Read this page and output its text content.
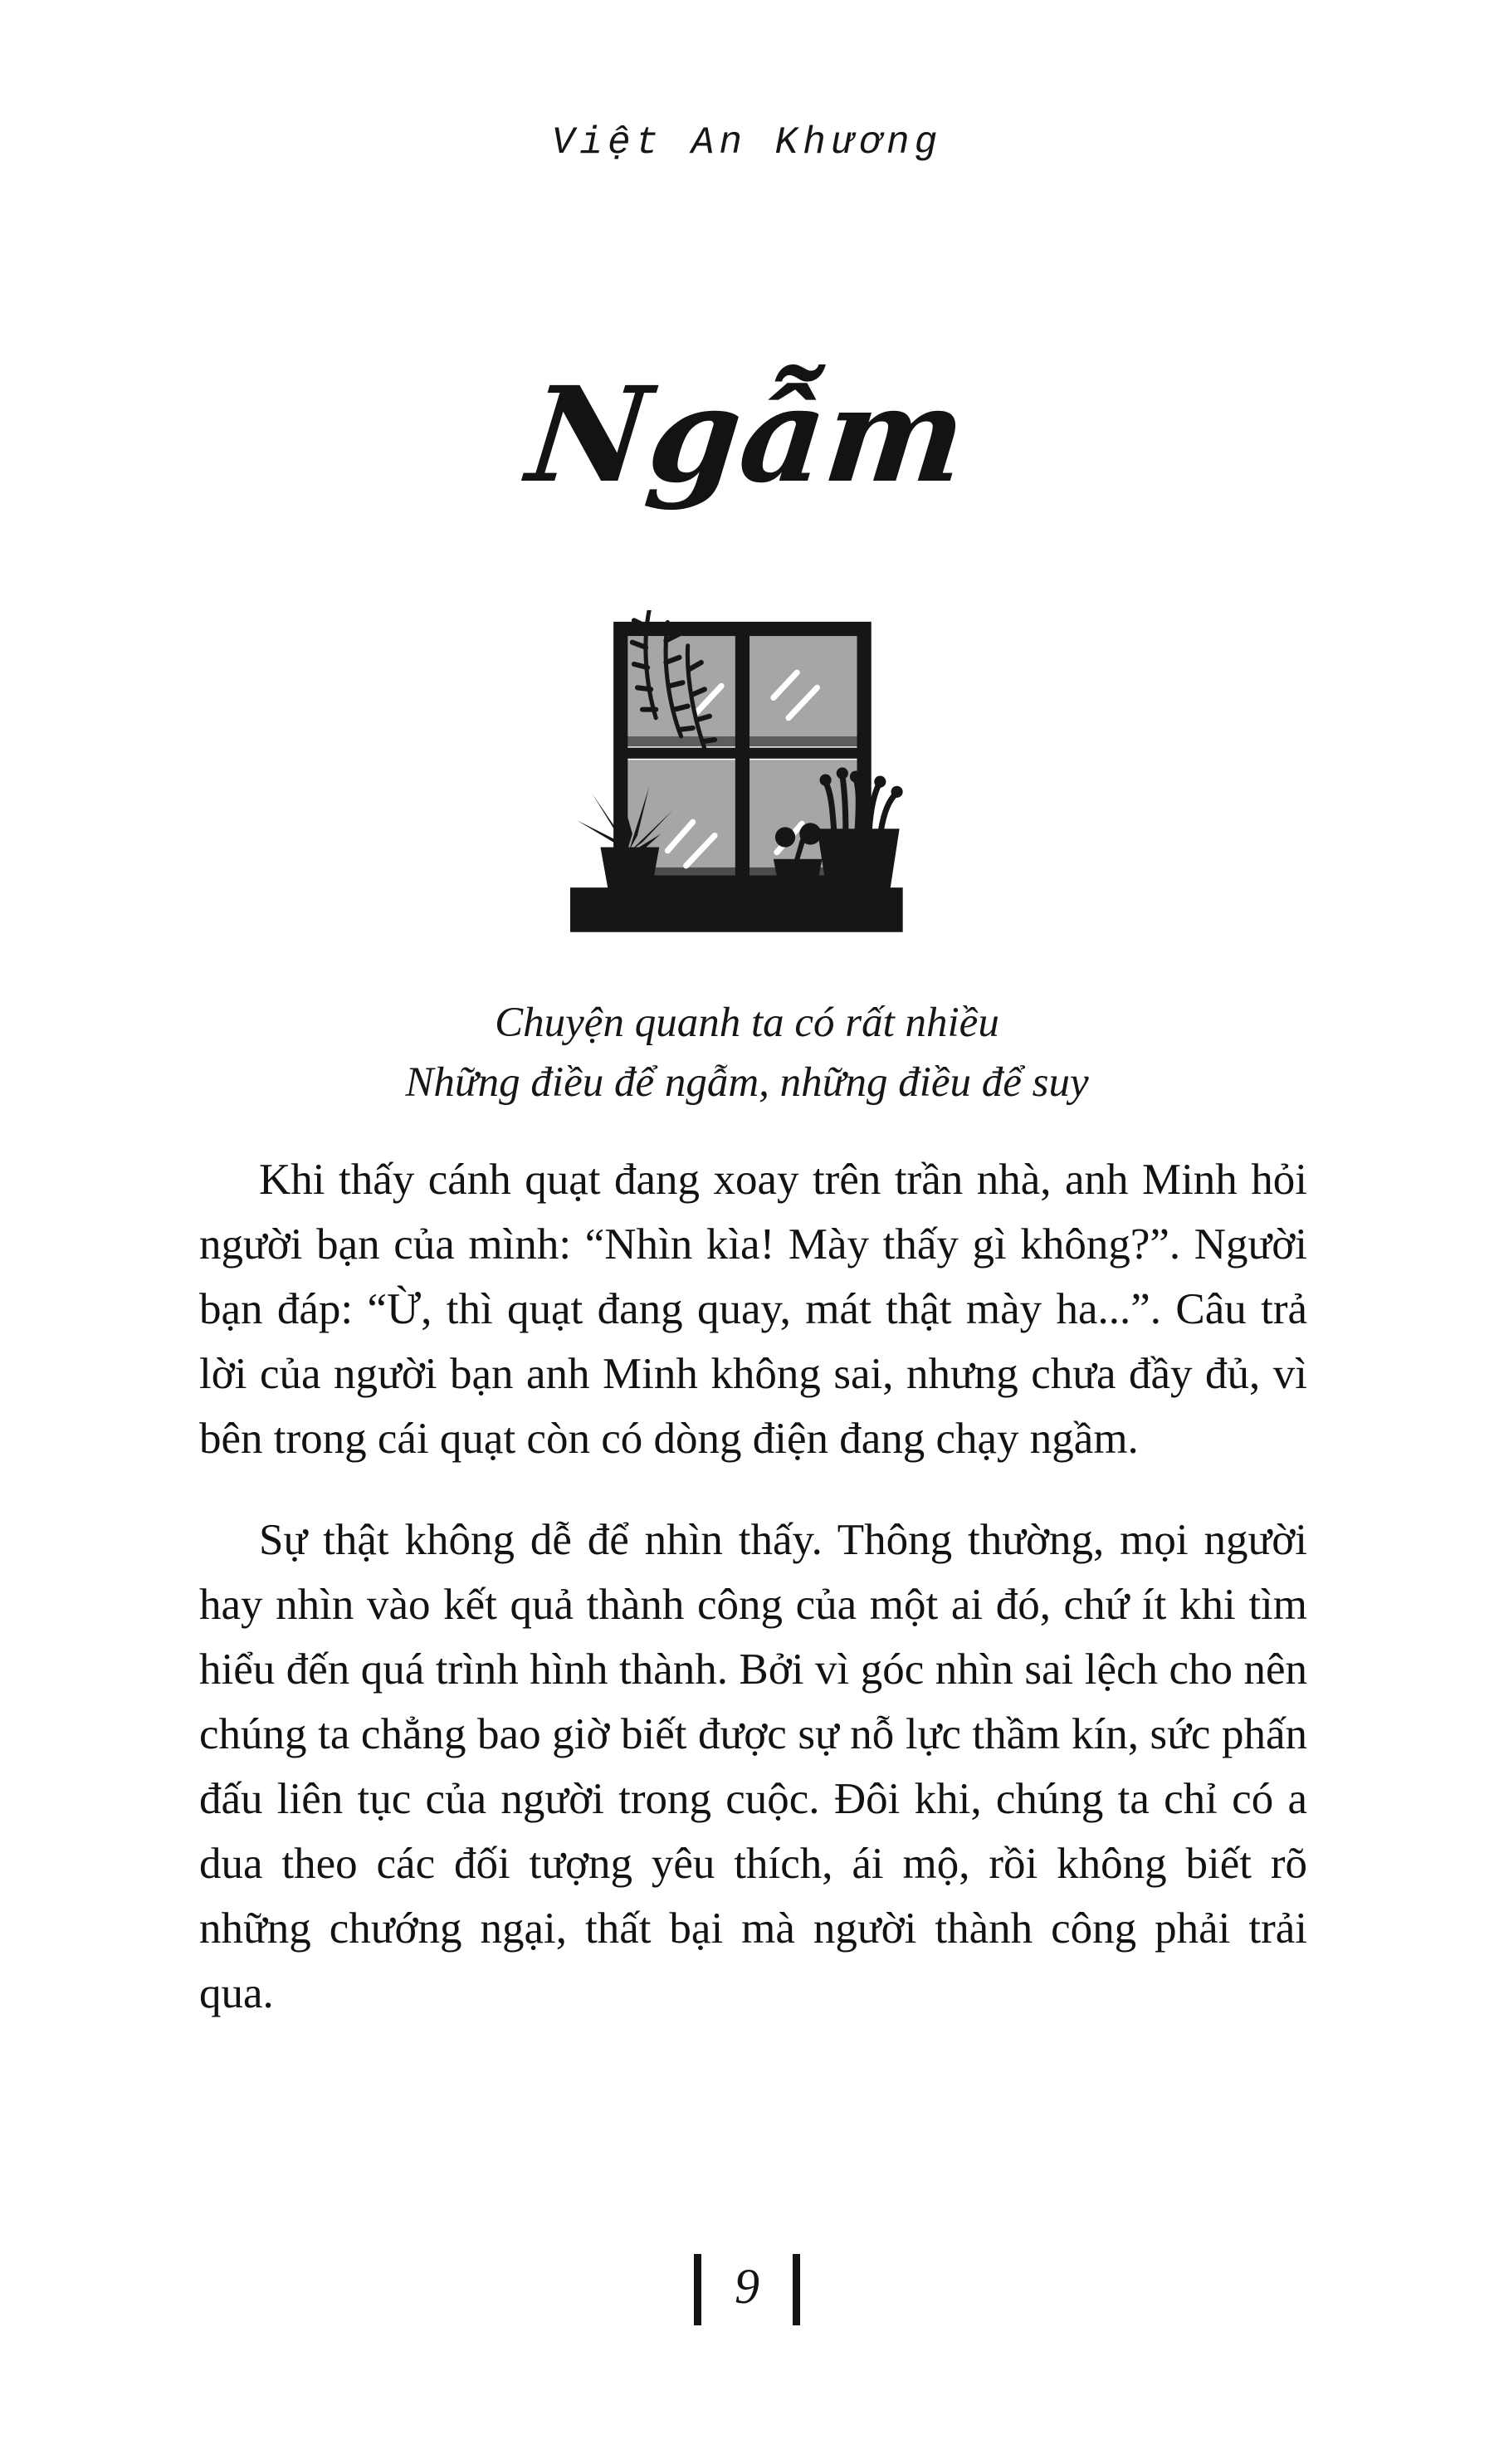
Việt An Khương
Ngẫm
Chuyện quanh ta có rất nhiều
Những điều để ngẫm, những điều để suy

Khi thấy cánh quạt đang xoay trên trần nhà, anh Minh hỏi người bạn của mình: “Nhìn kìa! Mày thấy gì không?”. Người bạn đáp: “Ừ, thì quạt đang quay, mát thật mày ha...”. Câu trả lời của người bạn anh Minh không sai, nhưng chưa đầy đủ, vì bên trong cái quạt còn có dòng điện đang chạy ngầm.

Sự thật không dễ để nhìn thấy. Thông thường, mọi người hay nhìn vào kết quả thành công của một ai đó, chứ ít khi tìm hiểu đến quá trình hình thành. Bởi vì góc nhìn sai lệch cho nên chúng ta chẳng bao giờ biết được sự nỗ lực thầm kín, sức phấn đấu liên tục của người trong cuộc. Đôi khi, chúng ta chỉ có a dua theo các đối tượng yêu thích, ái mộ, rồi không biết rõ những chướng ngại, thất bại mà người thành công phải trải qua.

9
